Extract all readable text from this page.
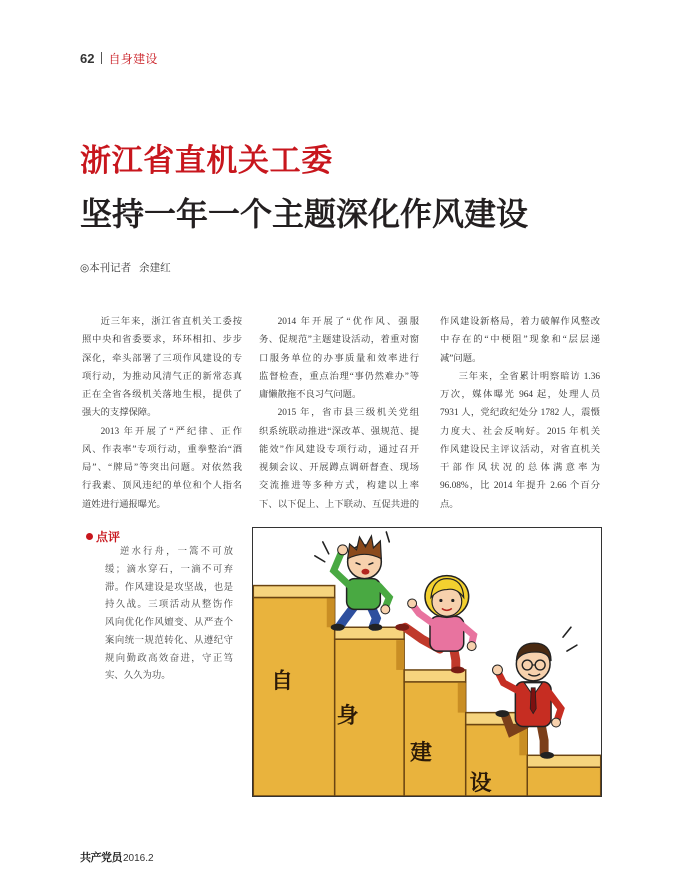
62 自身建设
浙江省直机关工委
坚持一年一个主题深化作风建设
◎本刊记者 余建红
近三年来，浙江省直机关工委按
照中央和省委要求，环环相扣、步步
深化，牵头部署了三项作风建设的专
项行动，为推动风清气正的新常态真
正在全省各级机关落地生根，提供了
强大的支撑保障。
2013 年开展了“严纪律、正作
风、作表率”专项行动，重拳整治“酒
局”、“牌局”等突出问题。对依然我
行我素、顶风违纪的单位和个人指名
道姓进行通报曝光。
2014 年开展了“优作风、强服
务、促规范”主题建设活动，着重对窗
口服务单位的办事质量和效率进行
监督检查，重点治理“事仍然难办”等
庸懒散拖不良习气问题。
2015 年，省市县三级机关党组
织系统联动推进“深改革、强规范、提
能效”作风建设专项行动，通过召开
视频会议、开展蹲点调研督查、现场
交流推进等多种方式，构建以上率
下、以下促上、上下联动、互促共进的
作风建设新格局，着力破解作风整改
中存在的“中梗阻”现象和“层层递
减”问题。
三年来，全省累计明察暗访 1.36
万次，媒体曝光 964 起，处理人员
7931 人，党纪政纪处分 1782 人，震慑
力度大、社会反响好。2015 年机关
作风建设民主评议活动，对省直机关
干部作风状况的总体满意率为
96.08%，比 2014 年提升 2.66 个百分
点。
点评
逆水行舟，一篙不可放
缓；滴水穿石，一滴不可弃
滞。作风建设是攻坚战，也是
持久战。三项活动从整饬作
风向优化作风嬗变、从严查个
案向统一规范转化、从遵纪守
规向勤政高效奋进，守正笃
实、久久为功。	自
身
建
设
共产党员 2016.2
